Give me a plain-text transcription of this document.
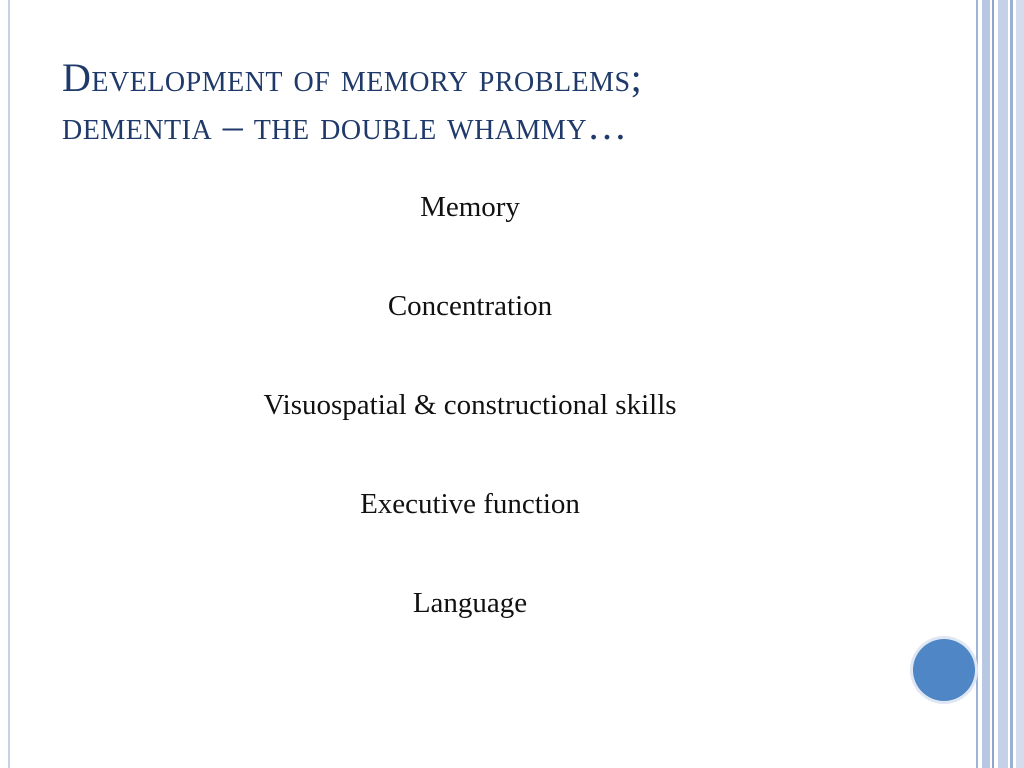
Development of memory problems;
dementia – the double whammy…
Memory
Concentration
Visuospatial & constructional skills
Executive function
Language
